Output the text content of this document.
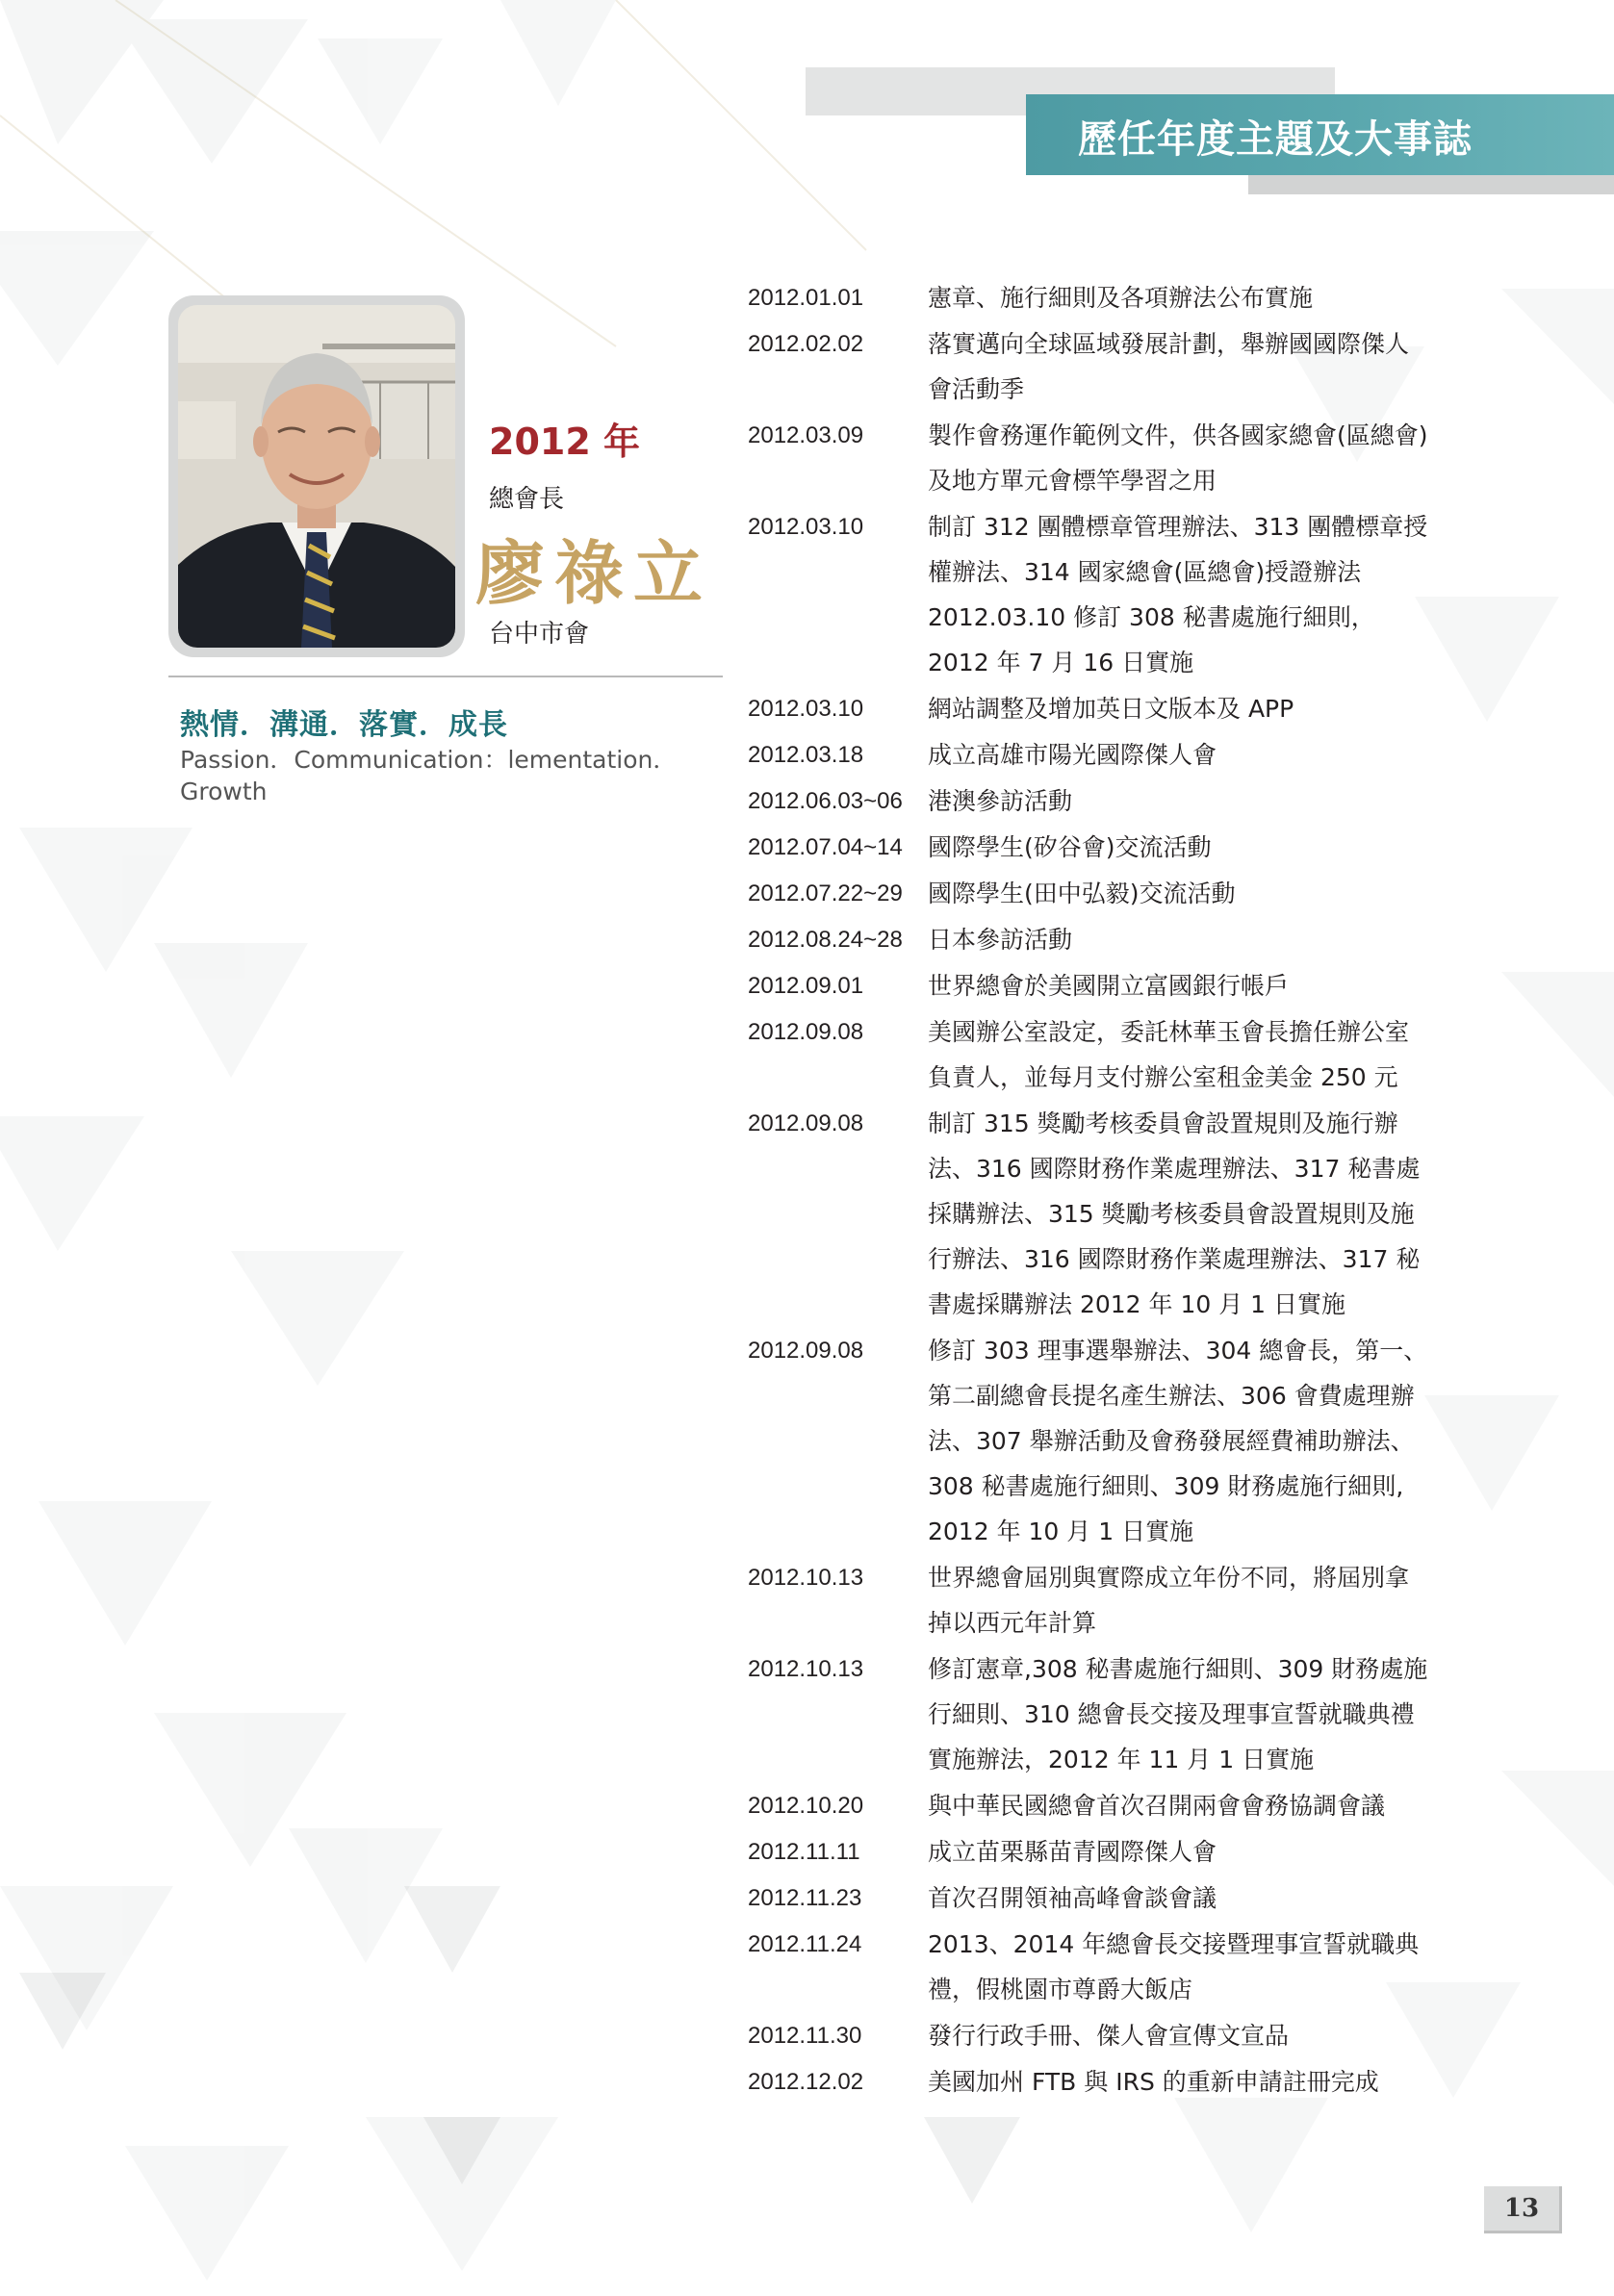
歷任年度主題及大事誌
2012 年
總會長
廖祿立
台中市會
熱情．溝通．落實．成長
Passion．Communication：lementation．Growth
2012.01.01	憲章、施行細則及各項辦法公布實施
2012.02.02	落實邁向全球區域發展計劃，舉辦國國際傑人會活動季
2012.03.09	製作會務運作範例文件，供各國家總會(區總會)及地方單元會標竿學習之用
2012.03.10	制訂 312 團體標章管理辦法、313 團體標章授權辦法、314 國家總會(區總會)授證辦法 2012.03.10 修訂 308 秘書處施行細則，2012 年 7 月 16 日實施
2012.03.10	網站調整及增加英日文版本及 APP
2012.03.18	成立高雄市陽光國際傑人會
2012.06.03~06	港澳參訪活動
2012.07.04~14	國際學生(矽谷會)交流活動
2012.07.22~29	國際學生(田中弘毅)交流活動
2012.08.24~28	日本參訪活動
2012.09.01	世界總會於美國開立富國銀行帳戶
2012.09.08	美國辦公室設定，委託林華玉會長擔任辦公室負責人，並每月支付辦公室租金美金 250 元
2012.09.08	制訂 315 獎勵考核委員會設置規則及施行辦法、316 國際財務作業處理辦法、317 秘書處 採購辦法、315 獎勵考核委員會設置規則及施 行辦法、316 國際財務作業處理辦法、317 秘 書處採購辦法 2012 年 10 月 1 日實施
2012.09.08	修訂 303 理事選舉辦法、304 總會長，第一、 第二副總會長提名產生辦法、306 會費處理辦法、307 舉辦活動及會務發展經費補助辦法、 308 秘書處施行細則、309 財務處施行細則, 2012 年 10 月 1 日實施
2012.10.13	世界總會屆別與實際成立年份不同，將屆別拿掉以西元年計算
2012.10.13	修訂憲章,308 秘書處施行細則、309 財務處施行細則、310 總會長交接及理事宣誓就職典禮實施辦法，2012 年 11 月 1 日實施
2012.10.20	與中華民國總會首次召開兩會會務協調會議
2012.11.11	成立苗栗縣苗青國際傑人會
2012.11.23	首次召開領袖高峰會談會議
2012.11.24	2013、2014 年總會長交接暨理事宣誓就職典禮，假桃園市尊爵大飯店
2012.11.30	發行行政手冊、傑人會宣傳文宣品
2012.12.02	美國加州 FTB 與 IRS 的重新申請註冊完成
13
